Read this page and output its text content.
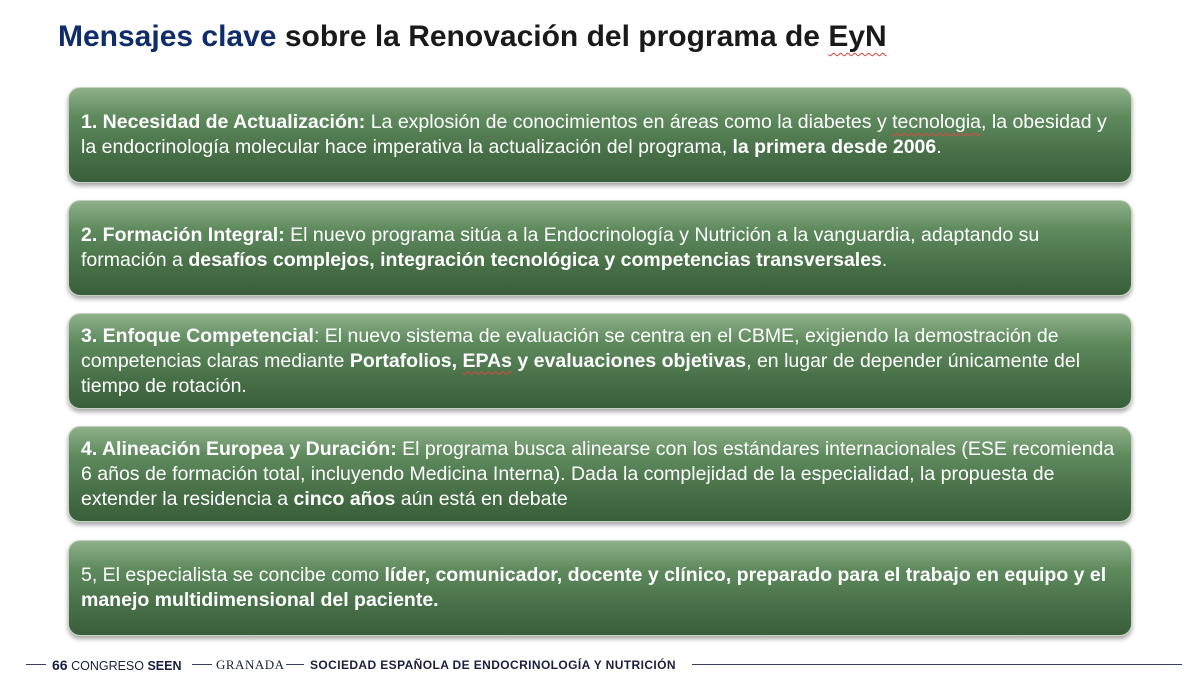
Mensajes clave sobre la Renovación del programa de EyN
1. Necesidad de Actualización: La explosión de conocimientos en áreas como la diabetes y tecnologia, la obesidad y la endocrinología molecular hace imperativa la actualización del programa, la primera desde 2006.
2. Formación Integral: El nuevo programa sitúa a la Endocrinología y Nutrición a la vanguardia, adaptando su formación a desafíos complejos, integración tecnológica y competencias transversales.
3. Enfoque Competencial: El nuevo sistema de evaluación se centra en el CBME, exigiendo la demostración de competencias claras mediante Portafolios, EPAs y evaluaciones objetivas, en lugar de depender únicamente del tiempo de rotación.
4. Alineación Europea y Duración: El programa busca alinearse con los estándares internacionales (ESE recomienda 6 años de formación total, incluyendo Medicina Interna). Dada la complejidad de la especialidad, la propuesta de extender la residencia a cinco años aún está en debate
5, El especialista se concibe como líder, comunicador, docente y clínico, preparado para el trabajo en equipo y el manejo multidimensional del paciente.
66 CONGRESO SEEN	GRANADA SOCIEDAD ESPAÑOLA DE ENDOCRINOLOGÍA Y NUTRICIÓN
